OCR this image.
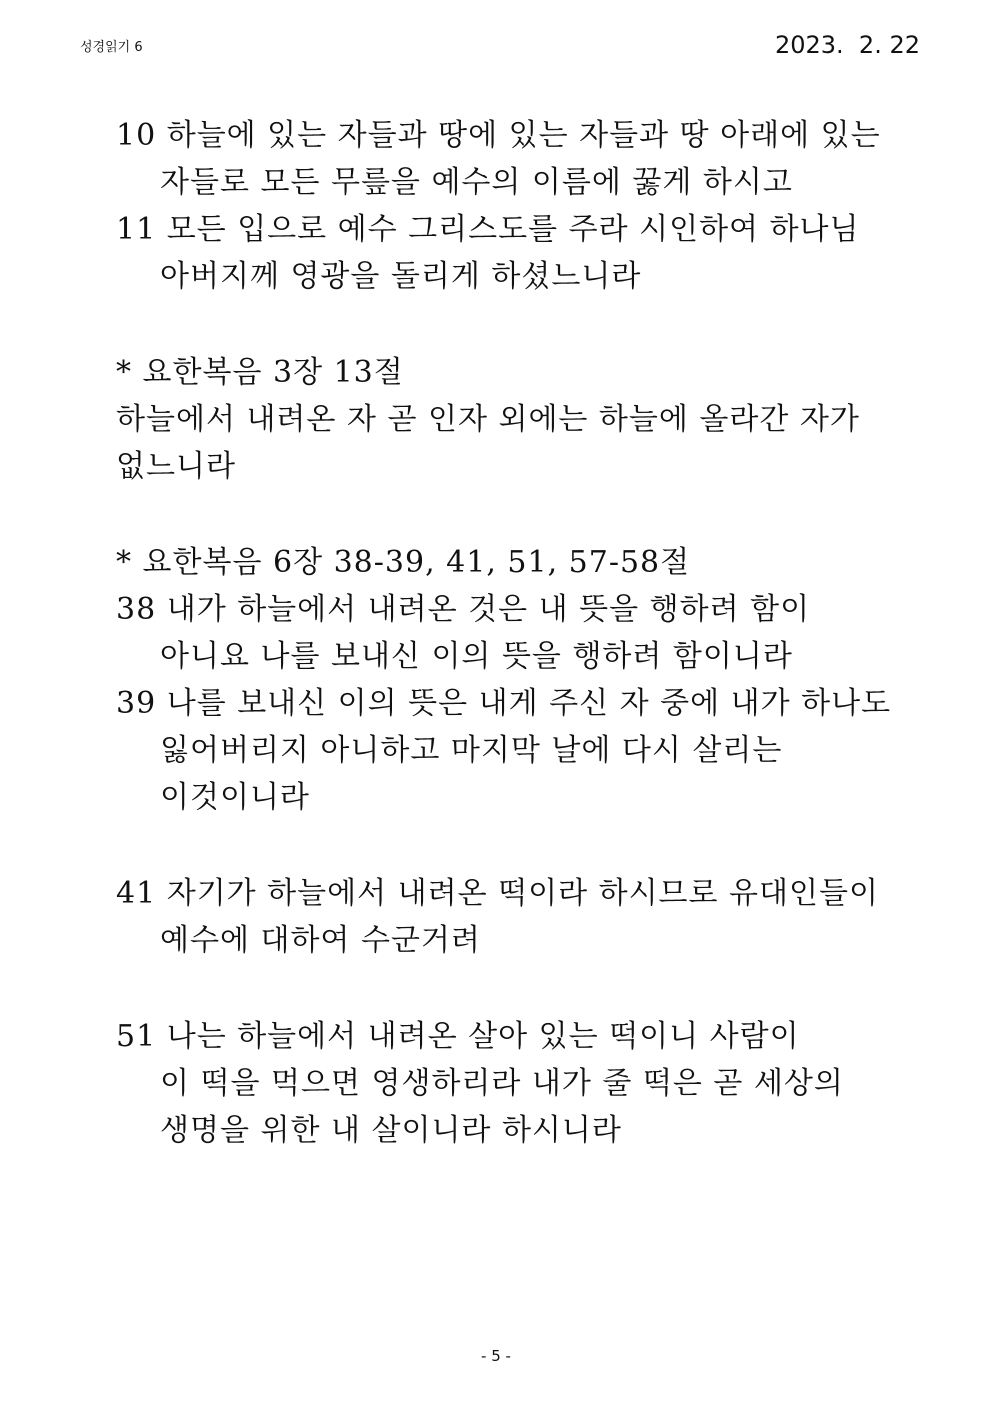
성경읽기 6	2023.  2. 22
10 하늘에 있는 자들과 땅에 있는 자들과 땅 아래에 있는
자들로 모든 무릎을 예수의 이름에 꿇게 하시고
11 모든 입으로 예수 그리스도를 주라 시인하여 하나님
아버지께 영광을 돌리게 하셨느니라
* 요한복음 3장 13절
하늘에서 내려온 자 곧 인자 외에는 하늘에 올라간 자가
없느니라
* 요한복음 6장 38-39, 41, 51, 57-58절
38 내가 하늘에서 내려온 것은 내 뜻을 행하려 함이
아니요 나를 보내신 이의 뜻을 행하려 함이니라
39 나를 보내신 이의 뜻은 내게 주신 자 중에 내가 하나도
잃어버리지 아니하고 마지막 날에 다시 살리는
이것이니라
41 자기가 하늘에서 내려온 떡이라 하시므로 유대인들이
예수에 대하여 수군거려
51 나는 하늘에서 내려온 살아 있는 떡이니 사람이
이 떡을 먹으면 영생하리라 내가 줄 떡은 곧 세상의
생명을 위한 내 살이니라 하시니라
- 5 -
